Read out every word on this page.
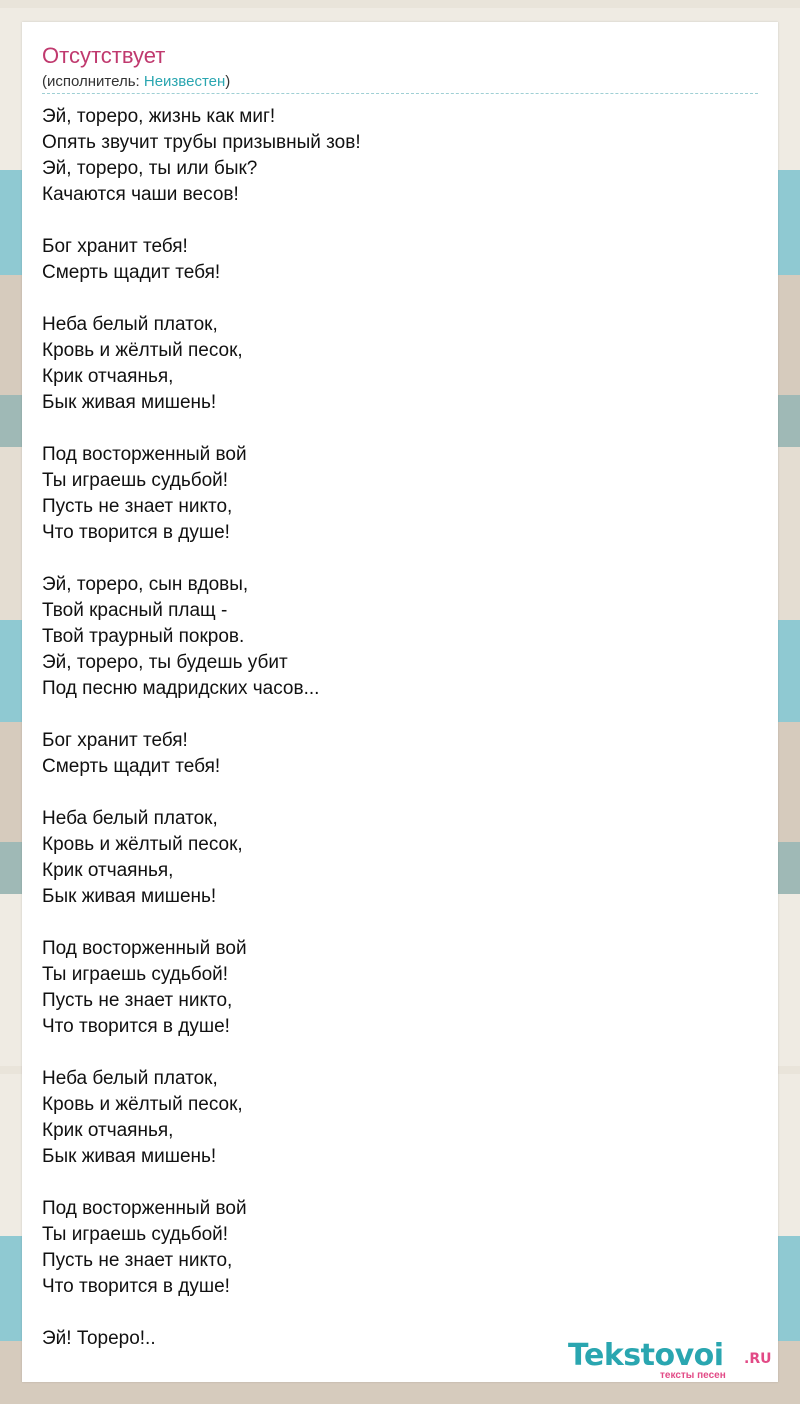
Отсутствует
(исполнитель: Неизвестен)
Эй, тореро, жизнь как миг!
Опять звучит трубы призывный зов!
Эй, тореро, ты или бык?
Качаются чаши весов!
Бог хранит тебя!
Смерть щадит тебя!
Неба белый платок,
Кровь и жёлтый песок,
Крик отчаянья,
Бык живая мишень!
Под восторженный вой
Ты играешь судьбой!
Пусть не знает никто,
Что творится в душе!
Эй, тореро, сын вдовы,
Твой красный плащ -
Твой траурный покров.
Эй, тореро, ты будешь убит
Под песню мадридских часов...
Бог хранит тебя!
Смерть щадит тебя!
Неба белый платок,
Кровь и жёлтый песок,
Крик отчаянья,
Бык живая мишень!
Под восторженный вой
Ты играешь судьбой!
Пусть не знает никто,
Что творится в душе!
Неба белый платок,
Кровь и жёлтый песок,
Крик отчаянья,
Бык живая мишень!
Под восторженный вой
Ты играешь судьбой!
Пусть не знает никто,
Что творится в душе!
Эй! Тореро!..	Tekstovoi .RU
тексты песен
